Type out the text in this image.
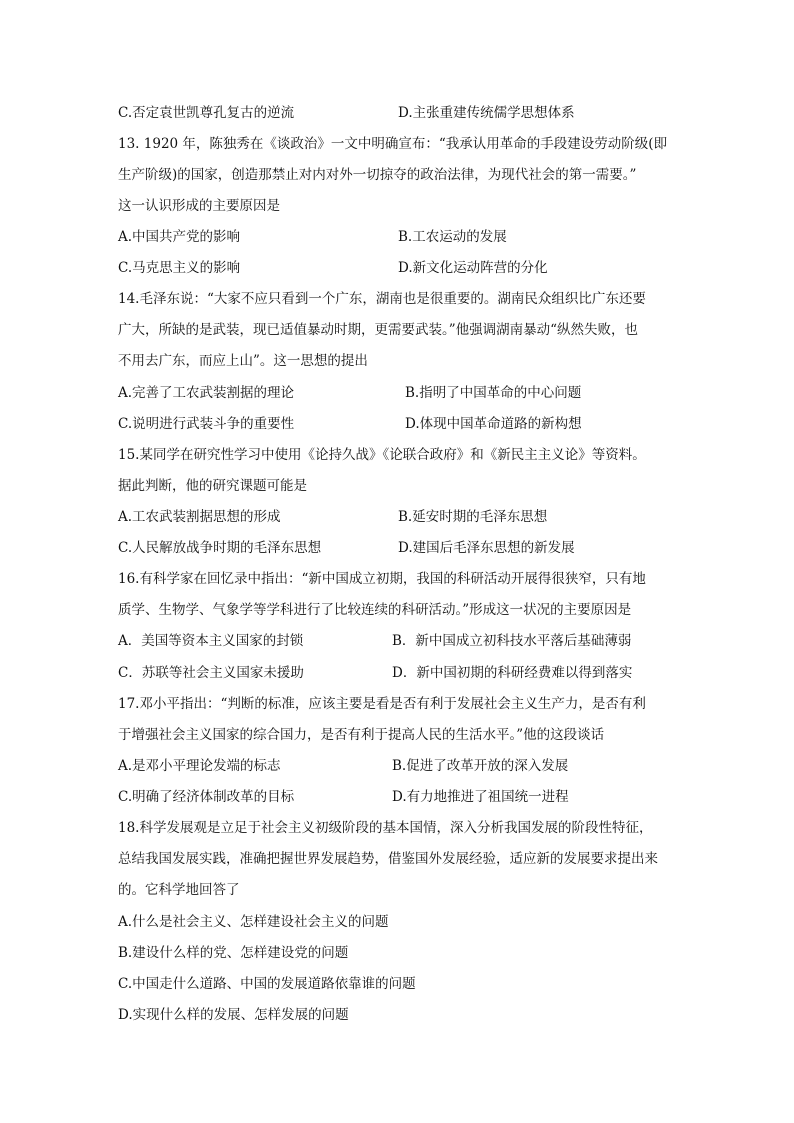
C.否定袁世凯尊孔复古的逆流	D.主张重建传统儒学思想体系
13. 1920 年，陈独秀在《谈政治》一文中明确宣布：“我承认用革命的手段建设劳动阶级(即
生产阶级)的国家，创造那禁止对内对外一切掠夺的政治法律，为现代社会的第一需要。”
这一认识形成的主要原因是
A.中国共产党的影响	B.工农运动的发展
C.马克思主义的影响	D.新文化运动阵营的分化
14.毛泽东说：“大家不应只看到一个广东，湖南也是很重要的。湖南民众组织比广东还要
广大，所缺的是武装，现已适值暴动时期，更需要武装。”他强调湖南暴动“纵然失败，也
不用去广东，而应上山”。这一思想的提出
A.完善了工农武装割据的理论	B.指明了中国革命的中心问题
C.说明进行武装斗争的重要性	D.体现中国革命道路的新构想
15.某同学在研究性学习中使用《论持久战》《论联合政府》和《新民主主义论》等资料。
据此判断，他的研究课题可能是
A.工农武装割据思想的形成	B.延安时期的毛泽东思想
C.人民解放战争时期的毛泽东思想	D.建国后毛泽东思想的新发展
16.有科学家在回忆录中指出：“新中国成立初期，我国的科研活动开展得很狭窄，只有地
质学、生物学、气象学等学科进行了比较连续的科研活动。”形成这一状况的主要原因是
A．美国等资本主义国家的封锁	B．新中国成立初科技水平落后基础薄弱
C．苏联等社会主义国家未援助	D．新中国初期的科研经费难以得到落实
17.邓小平指出：“判断的标准，应该主要是看是否有利于发展社会主义生产力，是否有利
于增强社会主义国家的综合国力，是否有利于提高人民的生活水平。”他的这段谈话
A.是邓小平理论发端的标志	B.促进了改革开放的深入发展
C.明确了经济体制改革的目标	D.有力地推进了祖国统一进程
18.科学发展观是立足于社会主义初级阶段的基本国情，深入分析我国发展的阶段性特征，
总结我国发展实践，准确把握世界发展趋势，借鉴国外发展经验，适应新的发展要求提出来
的。它科学地回答了
A.什么是社会主义、怎样建设社会主义的问题
B.建设什么样的党、怎样建设党的问题
C.中国走什么道路、中国的发展道路依靠谁的问题
D.实现什么样的发展、怎样发展的问题
